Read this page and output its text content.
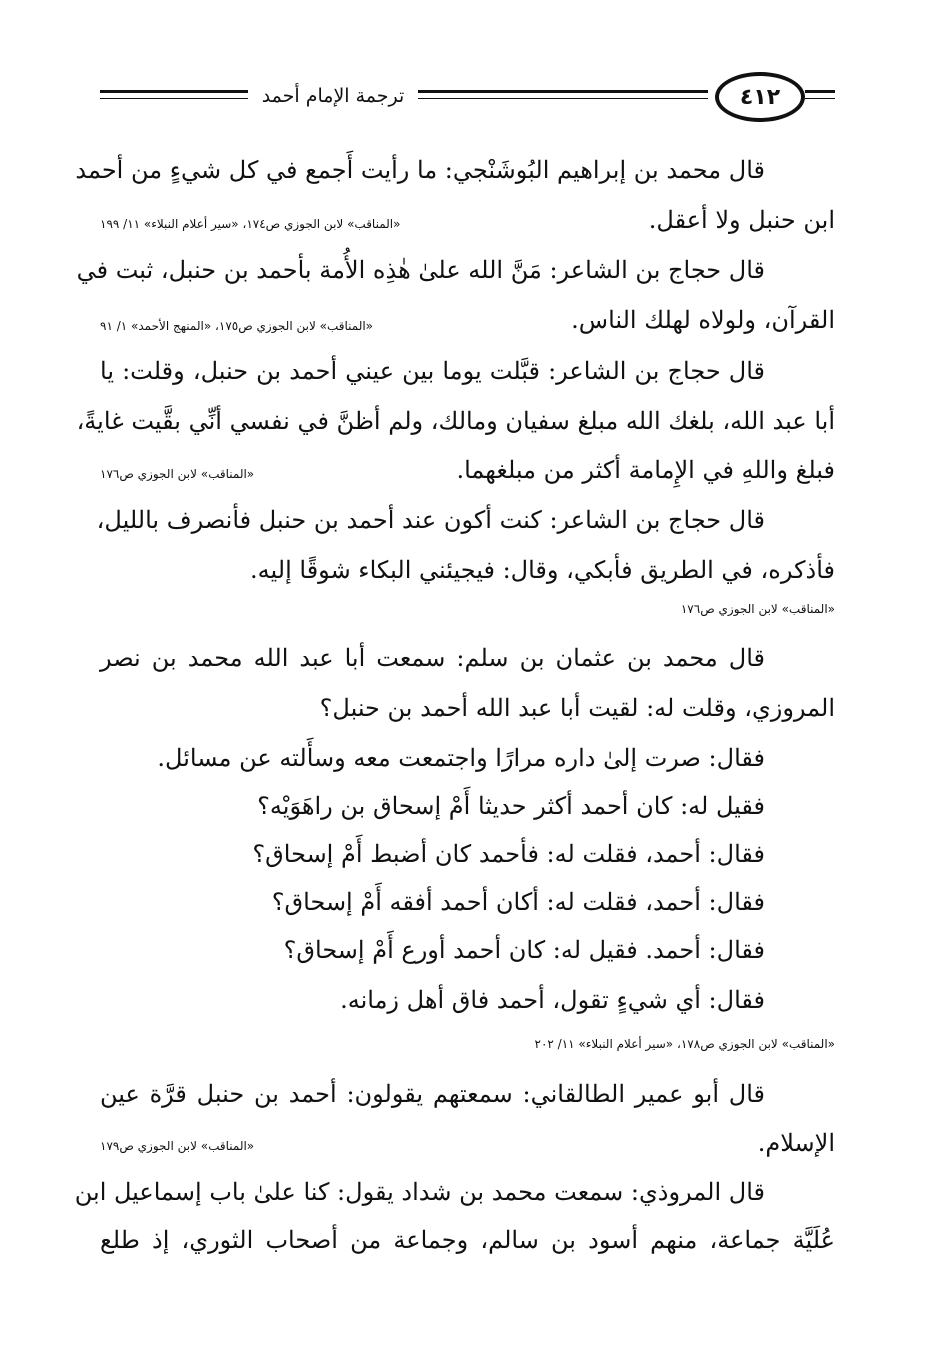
ترجمة الإمام أحمد	٤١٢
قال محمد بن إبراهيم البُوشَنْجي: ما رأيت أَجمع في كل شيءٍ من أحمد
ابن حنبل ولا أعقل.
«المناقب» لابن الجوزي ص١٧٤، «سير أعلام النبلاء» ١١/ ١٩٩
قال حجاج بن الشاعر: مَنَّ الله علىٰ هٰذِه الأُمة بأحمد بن حنبل، ثبت في
القرآن، ولولاه لهلك الناس.
«المناقب» لابن الجوزي ص١٧٥، «المنهج الأحمد» ١/ ٩١
قال حجاج بن الشاعر: قبَّلت يوما بين عيني أحمد بن حنبل، وقلت: يا
أبا عبد الله، بلغك الله مبلغ سفيان ومالك، ولم أظنَّ في نفسي أنِّي بقَّيت غايةً،
فبلغ واللهِ في الإِمامة أكثر من مبلغهما.
«المناقب» لابن الجوزي ص١٧٦
قال حجاج بن الشاعر: كنت أكون عند أحمد بن حنبل فأنصرف بالليل،
فأذكره، في الطريق فأبكي، وقال: فيجيئني البكاء شوقًا إليه.
«المناقب» لابن الجوزي ص١٧٦
قال محمد بن عثمان بن سلم: سمعت أبا عبد الله محمد بن نصر
المروزي، وقلت له: لقيت أبا عبد الله أحمد بن حنبل؟
فقال: صرت إلىٰ داره مرارًا واجتمعت معه وسأَلته عن مسائل.
فقيل له: كان أحمد أكثر حديثا أَمْ إسحاق بن راهَوَيْه؟
فقال: أحمد، فقلت له: فأحمد كان أضبط أَمْ إسحاق؟
فقال: أحمد، فقلت له: أكان أحمد أفقه أَمْ إسحاق؟
فقال: أحمد. فقيل له: كان أحمد أورع أَمْ إسحاق؟
فقال: أي شيءٍ تقول، أحمد فاق أهل زمانه.
«المناقب» لابن الجوزي ص١٧٨، «سير أعلام النبلاء» ١١/ ٢٠٢
قال أبو عمير الطالقاني: سمعتهم يقولون: أحمد بن حنبل قرَّة عين
الإسلام.
«المناقب» لابن الجوزي ص١٧٩
قال المروذي: سمعت محمد بن شداد يقول: كنا علىٰ باب إسماعيل ابن
عُلَيَّة جماعة، منهم أسود بن سالم، وجماعة من أصحاب الثوري، إذ طلع
